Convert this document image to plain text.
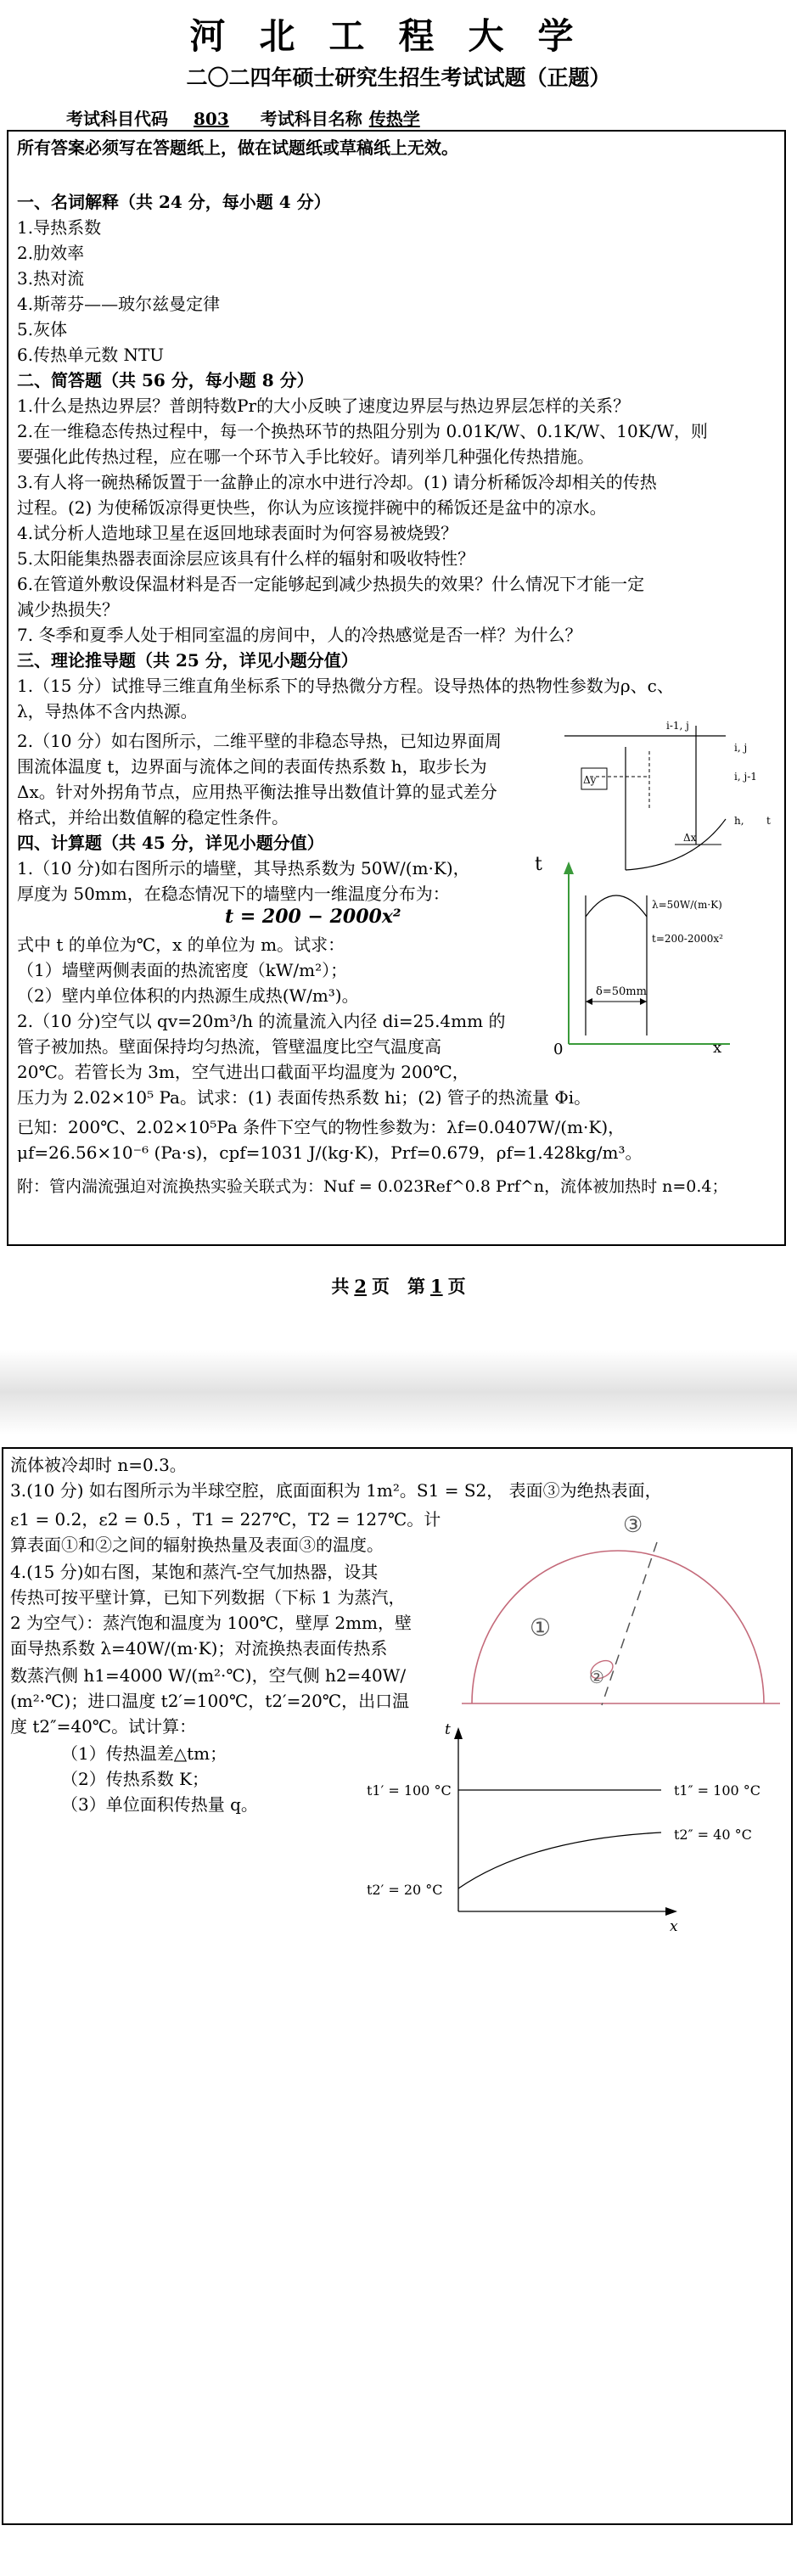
河北工程大学
二〇二四年硕士研究生招生考试试题（正题）
考试科目代码 803 考试科目名称 传热学
所有答案必须写在答题纸上，做在试题纸或草稿纸上无效。
一、名词解释（共 24 分，每小题 4 分）
1.导热系数
2.肋效率
3.热对流
4.斯蒂芬——玻尔兹曼定律
5.灰体
6.传热单元数 NTU
二、简答题（共 56 分，每小题 8 分）
1.什么是热边界层？普朗特数Pr的大小反映了速度边界层与热边界层怎样的关系？
2.在一维稳态传热过程中，每一个换热环节的热阻分别为 0.01K/W、0.1K/W、10K/W，则
要强化此传热过程，应在哪一个环节入手比较好。请列举几种强化传热措施。
3.有人将一碗热稀饭置于一盆静止的凉水中进行冷却。(1) 请分析稀饭冷却相关的传热
过程。(2) 为使稀饭凉得更快些，你认为应该搅拌碗中的稀饭还是盆中的凉水。
4.试分析人造地球卫星在返回地球表面时为何容易被烧毁？
5.太阳能集热器表面涂层应该具有什么样的辐射和吸收特性？
6.在管道外敷设保温材料是否一定能够起到减少热损失的效果？什么情况下才能一定
减少热损失？
7. 冬季和夏季人处于相同室温的房间中，人的冷热感觉是否一样？为什么？
三、理论推导题（共 25 分，详见小题分值）
1.（15 分）试推导三维直角坐标系下的导热微分方程。设导热体的热物性参数为ρ、c、
λ，导热体不含内热源。
2.（10 分）如右图所示，二维平壁的非稳态导热，已知边界面周
围流体温度 t，边界面与流体之间的表面传热系数 h，取步长为
Δx。针对外拐角节点，应用热平衡法推导出数值计算的显式差分
格式，并给出数值解的稳定性条件。
Δy
Δx
i-1, j
i, j
i, j-1
h, t
四、计算题（共 45 分，详见小题分值）
1.（10 分)如右图所示的墙壁，其导热系数为 50W/(m·K)，
厚度为 50mm，在稳态情况下的墙壁内一维温度分布为：
t = 200 − 2000x²
式中 t 的单位为℃，x 的单位为 m。试求：
（1）墙壁两侧表面的热流密度（kW/m²）；
（2）壁内单位体积的内热源生成热(W/m³)。
t
0	x
δ=50mm
λ=50W/(m·K)
t=200-2000x²
2.（10 分)空气以 qv=20m³/h 的流量流入内径 di=25.4mm 的
管子被加热。壁面保持均匀热流，管壁温度比空气温度高
20℃。若管长为 3m，空气进出口截面平均温度为 200℃，
压力为 2.02×10⁵ Pa。试求：(1) 表面传热系数 hi；(2) 管子的热流量 Φi。
已知：200℃、2.02×10⁵Pa 条件下空气的物性参数为：λf=0.0407W/(m·K)，
μf=26.56×10⁻⁶ (Pa·s)，cpf=1031 J/(kg·K)，Prf=0.679，ρf=1.428kg/m³。
附：管内湍流强迫对流换热实验关联式为：Nuf = 0.023Ref^0.8 Prf^n，流体被加热时 n=0.4；
共 2 页　第 1 页
流体被冷却时 n=0.3。
3.(10 分) 如右图所示为半球空腔，底面面积为 1m²。S1 = S2， 表面③为绝热表面，
ε1 = 0.2，ε2 = 0.5 ，T1 = 227℃，T2 = 127℃。计
算表面①和②之间的辐射换热量及表面③的温度。
4.(15 分)如右图，某饱和蒸汽-空气加热器，设其
传热可按平壁计算，已知下列数据（下标 1 为蒸汽，
2 为空气）：蒸汽饱和温度为 100℃，壁厚 2mm，壁
面导热系数 λ=40W/(m·K)；对流换热表面传热系
数蒸汽侧 h1=4000 W/(m²·℃)，空气侧 h2=40W/
(m²·℃)；进口温度 t2′=100℃，t2′=20℃，出口温
度 t2″=40℃。试计算：
（1）传热温差△tm；
（2）传热系数 K；
（3）单位面积传热量 q。
③
①
②
t
x
t1′ = 100 °C	t1″ = 100 °C
t2″ = 40 °C
t2′ = 20 °C
